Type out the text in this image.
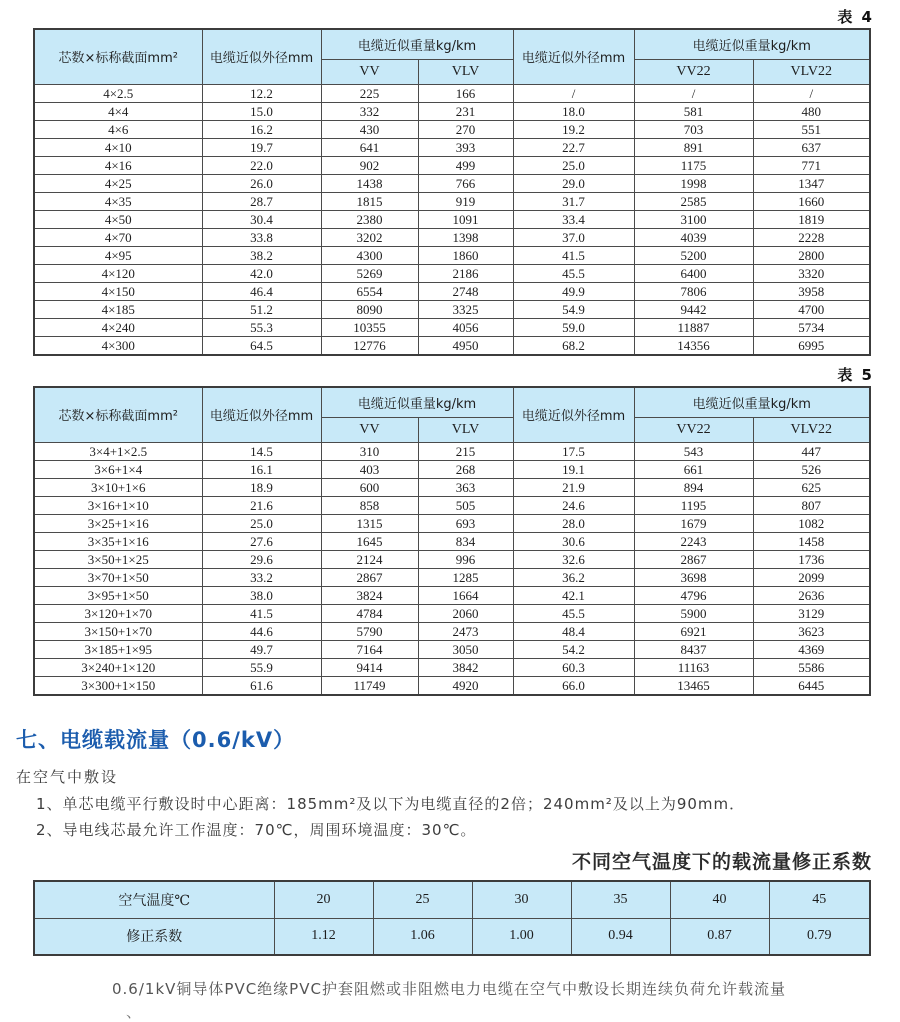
表 4
芯数×标称截面mm²	电缆近似外径mm	电缆近似重量kg/km		电缆近似外径mm	电缆近似重量kg/km	
		VV	VLV		VV22	VLV22
4×2.5	12.2	225	166	/	/	/
4×4	15.0	332	231	18.0	581	480
4×6	16.2	430	270	19.2	703	551
4×10	19.7	641	393	22.7	891	637
4×16	22.0	902	499	25.0	1175	771
4×25	26.0	1438	766	29.0	1998	1347
4×35	28.7	1815	919	31.7	2585	1660
4×50	30.4	2380	1091	33.4	3100	1819
4×70	33.8	3202	1398	37.0	4039	2228
4×95	38.2	4300	1860	41.5	5200	2800
4×120	42.0	5269	2186	45.5	6400	3320
4×150	46.4	6554	2748	49.9	7806	3958
4×185	51.2	8090	3325	54.9	9442	4700
4×240	55.3	10355	4056	59.0	11887	5734
4×300	64.5	12776	4950	68.2	14356	6995
表 5
芯数×标称截面mm²	电缆近似外径mm	电缆近似重量kg/km		电缆近似外径mm	电缆近似重量kg/km	
		VV	VLV		VV22	VLV22
3×4+1×2.5	14.5	310	215	17.5	543	447
3×6+1×4	16.1	403	268	19.1	661	526
3×10+1×6	18.9	600	363	21.9	894	625
3×16+1×10	21.6	858	505	24.6	1195	807
3×25+1×16	25.0	1315	693	28.0	1679	1082
3×35+1×16	27.6	1645	834	30.6	2243	1458
3×50+1×25	29.6	2124	996	32.6	2867	1736
3×70+1×50	33.2	2867	1285	36.2	3698	2099
3×95+1×50	38.0	3824	1664	42.1	4796	2636
3×120+1×70	41.5	4784	2060	45.5	5900	3129
3×150+1×70	44.6	5790	2473	48.4	6921	3623
3×185+1×95	49.7	7164	3050	54.2	8437	4369
3×240+1×120	55.9	9414	3842	60.3	11163	5586
3×300+1×150	61.6	11749	4920	66.0	13465	6445
七、电缆载流量（0.6/kV）
在空气中敷设
1、单芯电缆平行敷设时中心距离：185mm²及以下为电缆直径的2倍；240mm²及以上为90mm．
2、导电线芯最允许工作温度：70℃，周围环境温度：30℃。
不同空气温度下的载流量修正系数
空气温度℃	20	25	30	35	40	45
修正系数	1.12	1.06	1.00	0.94	0.87	0.79
0.6/1kV铜导体PVC绝缘PVC护套阻燃或非阻燃电力电缆在空气中敷设长期连续负荷允许载流量
、
